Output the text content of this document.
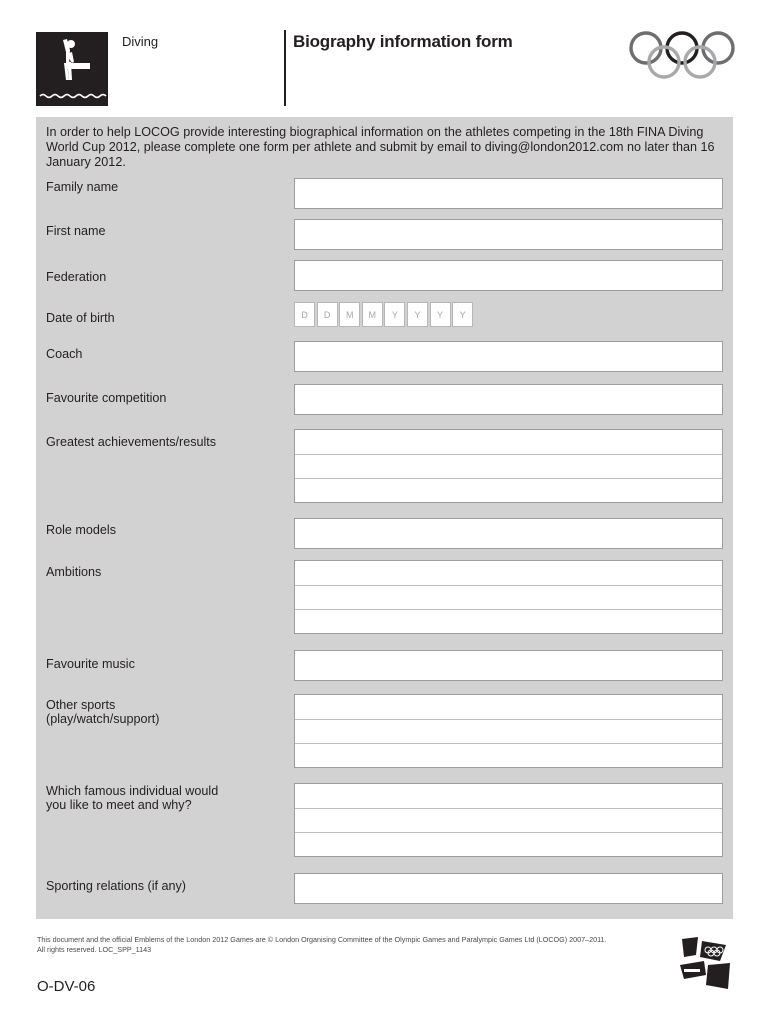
Diving	Biography information form
In order to help LOCOG provide interesting biographical information on the athletes competing in the 18th FINA Diving World Cup 2012, please complete one form per athlete and submit by email to diving@london2012.com no later than 16 January 2012.
Family name
First name
Federation
Date of birth	D	D	M	M	Y	Y	Y	Y
Coach
Favourite competition
Greatest achievements/results
Role models
Ambitions
Favourite music
Other sports
(play/watch/support)
Which famous individual would
you like to meet and why?
Sporting relations (if any)
This document and the official Emblems of the London 2012 Games are © London Organising Committee of the Olympic Games and Paralympic Games Ltd (LOCOG) 2007–2011.
All rights reserved. LOC_SPP_1143
O-DV-06
